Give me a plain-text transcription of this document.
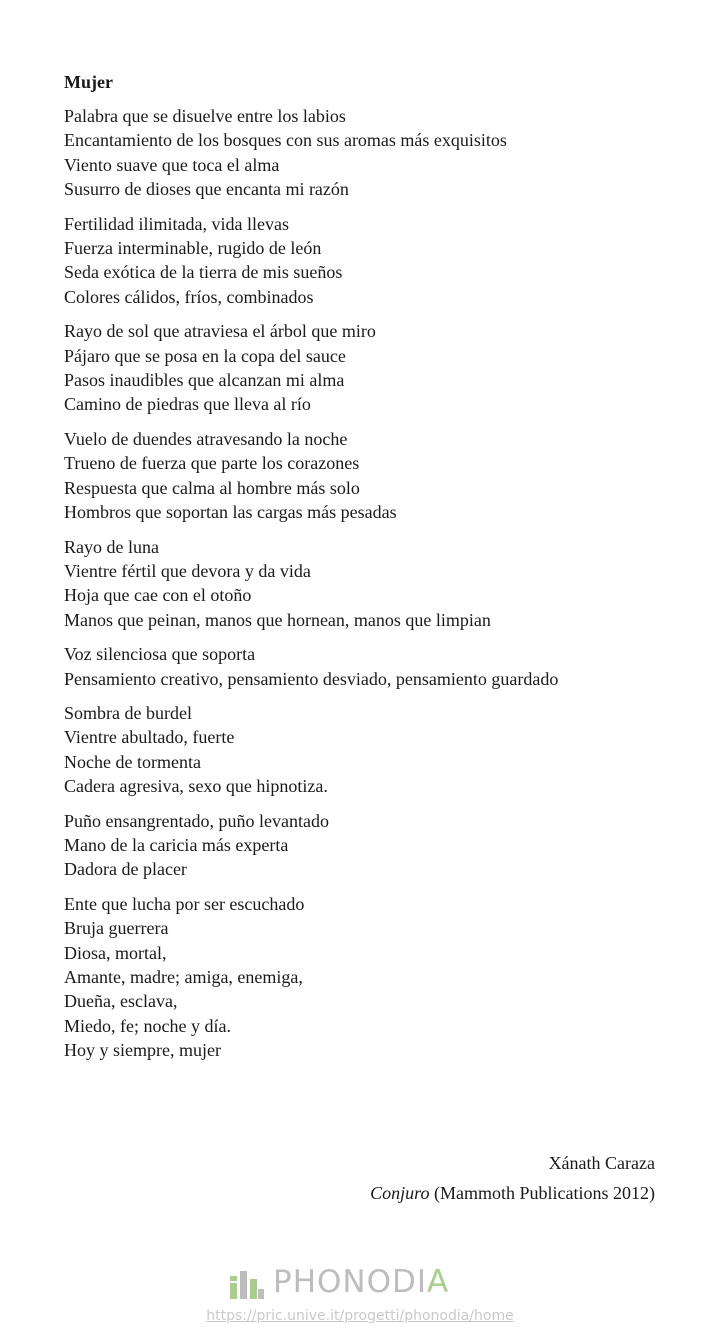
Mujer
Palabra que se disuelve entre los labios
Encantamiento de los bosques con sus aromas más exquisitos
Viento suave que toca el alma
Susurro de dioses que encanta mi razón
Fertilidad ilimitada, vida llevas
Fuerza interminable, rugido de león
Seda exótica de la tierra de mis sueños
Colores cálidos, fríos, combinados
Rayo de sol que atraviesa el árbol que miro
Pájaro que se posa en la copa del sauce
Pasos inaudibles que alcanzan mi alma
Camino de piedras que lleva al río
Vuelo de duendes atravesando la noche
Trueno de fuerza que parte los corazones
Respuesta que calma al hombre más solo
Hombros que soportan las cargas más pesadas
Rayo de luna
Vientre fértil que devora y da vida
Hoja que cae con el otoño
Manos que peinan, manos que hornean, manos que limpian
Voz silenciosa que soporta
Pensamiento creativo, pensamiento desviado, pensamiento guardado
Sombra de burdel
Vientre abultado, fuerte
Noche de tormenta
Cadera agresiva, sexo que hipnotiza.
Puño ensangrentado, puño levantado
Mano de la caricia más experta
Dadora de placer
Ente que lucha por ser escuchado
Bruja guerrera
Diosa, mortal,
Amante, madre; amiga, enemiga,
Dueña, esclava,
Miedo, fe; noche y día.
Hoy y siempre, mujer
Xánath Caraza
Conjuro (Mammoth Publications 2012)
PHONODIA
https://pric.unive.it/progetti/phonodia/home
